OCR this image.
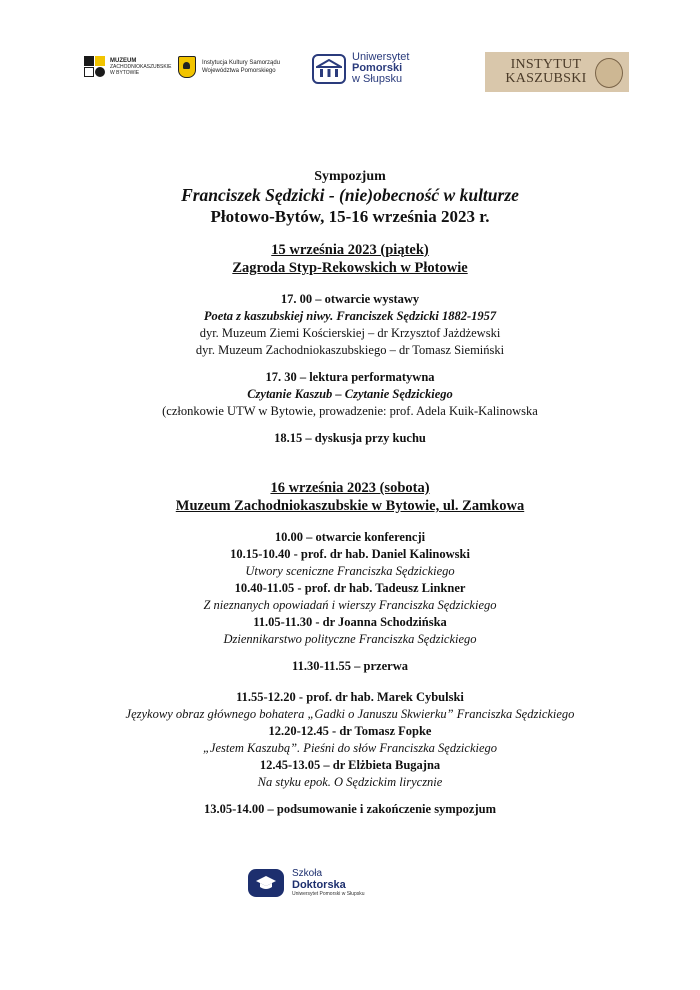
MUZEUM
ZACHODNIOKASZUBSKIE
W BYTOWIE
Instytucja Kultury Samorządu
Województwa Pomorskiego
Uniwersytet
Pomorski
w Słupsku
INSTYTUT
KASZUBSKI
Sympozjum
Franciszek Sędzicki - (nie)obecność w kulturze
Płotowo-Bytów, 15-16 września 2023 r.
15 września 2023 (piątek)
Zagroda Styp-Rekowskich w Płotowie
17. 00 – otwarcie wystawy
Poeta z kaszubskiej niwy. Franciszek Sędzicki 1882-1957
dyr. Muzeum Ziemi Kościerskiej – dr Krzysztof Jażdżewski
dyr. Muzeum Zachodniokaszubskiego – dr Tomasz Siemiński
17. 30 – lektura performatywna
Czytanie Kaszub – Czytanie Sędzickiego
(członkowie UTW w Bytowie, prowadzenie: prof. Adela Kuik-Kalinowska
18.15 – dyskusja przy kuchu
16 września 2023 (sobota)
Muzeum Zachodniokaszubskie w Bytowie, ul. Zamkowa
10.00 – otwarcie konferencji
10.15-10.40 - prof. dr hab. Daniel Kalinowski
Utwory sceniczne Franciszka Sędzickiego
10.40-11.05 - prof. dr hab. Tadeusz Linkner
Z nieznanych opowiadań i wierszy Franciszka Sędzickiego
11.05-11.30 - dr Joanna Schodzińska
Dziennikarstwo polityczne Franciszka Sędzickiego
11.30-11.55 – przerwa
11.55-12.20 - prof. dr hab. Marek Cybulski
Językowy obraz głównego bohatera „Gadki o Januszu Skwierku” Franciszka Sędzickiego
12.20-12.45 - dr Tomasz Fopke
„Jestem Kaszubą”. Pieśni do słów Franciszka Sędzickiego
12.45-13.05 – dr Elżbieta Bugajna
Na styku epok. O Sędzickim lirycznie
13.05-14.00 – podsumowanie i zakończenie sympozjum
Szkoła
Doktorska
Uniwersytet Pomorski w Słupsku
